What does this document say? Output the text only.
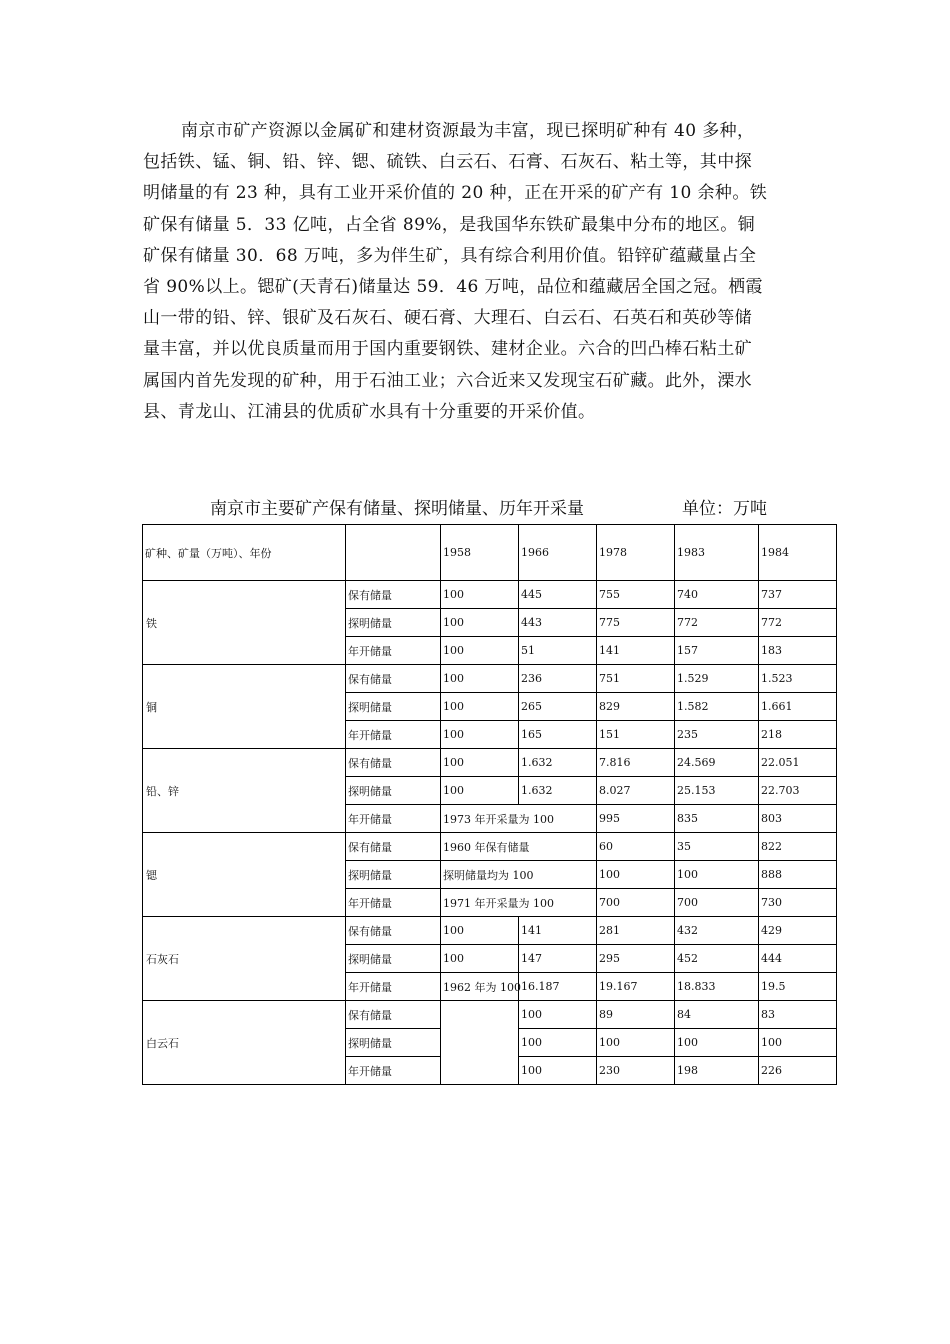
南京市矿产资源以金属矿和建材资源最为丰富，现已探明矿种有 40 多种，
包括铁、锰、铜、铅、锌、锶、硫铁、白云石、石膏、石灰石、粘土等，其中探
明储量的有 23 种，具有工业开采价值的 20 种，正在开采的矿产有 10 余种。铁
矿保有储量 5．33 亿吨，占全省 89%，是我国华东铁矿最集中分布的地区。铜
矿保有储量 30．68 万吨，多为伴生矿，具有综合利用价值。铅锌矿蕴藏量占全
省 90%以上。锶矿(天青石)储量达 59．46 万吨，品位和蕴藏居全国之冠。栖霞
山一带的铅、锌、银矿及石灰石、硬石膏、大理石、白云石、石英石和英砂等储
量丰富，并以优良质量而用于国内重要钢铁、建材企业。六合的凹凸棒石粘土矿
属国内首先发现的矿种，用于石油工业；六合近来又发现宝石矿藏。此外，溧水
县、青龙山、江浦县的优质矿水具有十分重要的开采价值。
南京市主要矿产保有储量、探明储量、历年开采量	单位：万吨
矿种、矿量（万吨）、年份		1958	1966	1978	1983	1984
铁	保有储量	100	445	755	740	737
	探明储量	100	443	775	772	772
	年开储量	100	51	141	157	183
铜	保有储量	100	236	751	1.529	1.523
	探明储量	100	265	829	1.582	1.661
	年开储量	100	165	151	235	218
铅、锌	保有储量	100	1.632	7.816	24.569	22.051
	探明储量	100	1.632	8.027	25.153	22.703
	年开储量	1973 年开采量为 100		995	835	803
锶	保有储量	1960 年保有储量		60	35	822
	探明储量	探明储量均为 100		100	100	888
	年开储量	1971 年开采量为 100		700	700	730
石灰石	保有储量	100	141	281	432	429
	探明储量	100	147	295	452	444
	年开储量	1962 年为 100	16.187	19.167	18.833	19.5
白云石	保有储量		100	89	84	83
	探明储量		100	100	100	100
	年开储量		100	230	198	226
